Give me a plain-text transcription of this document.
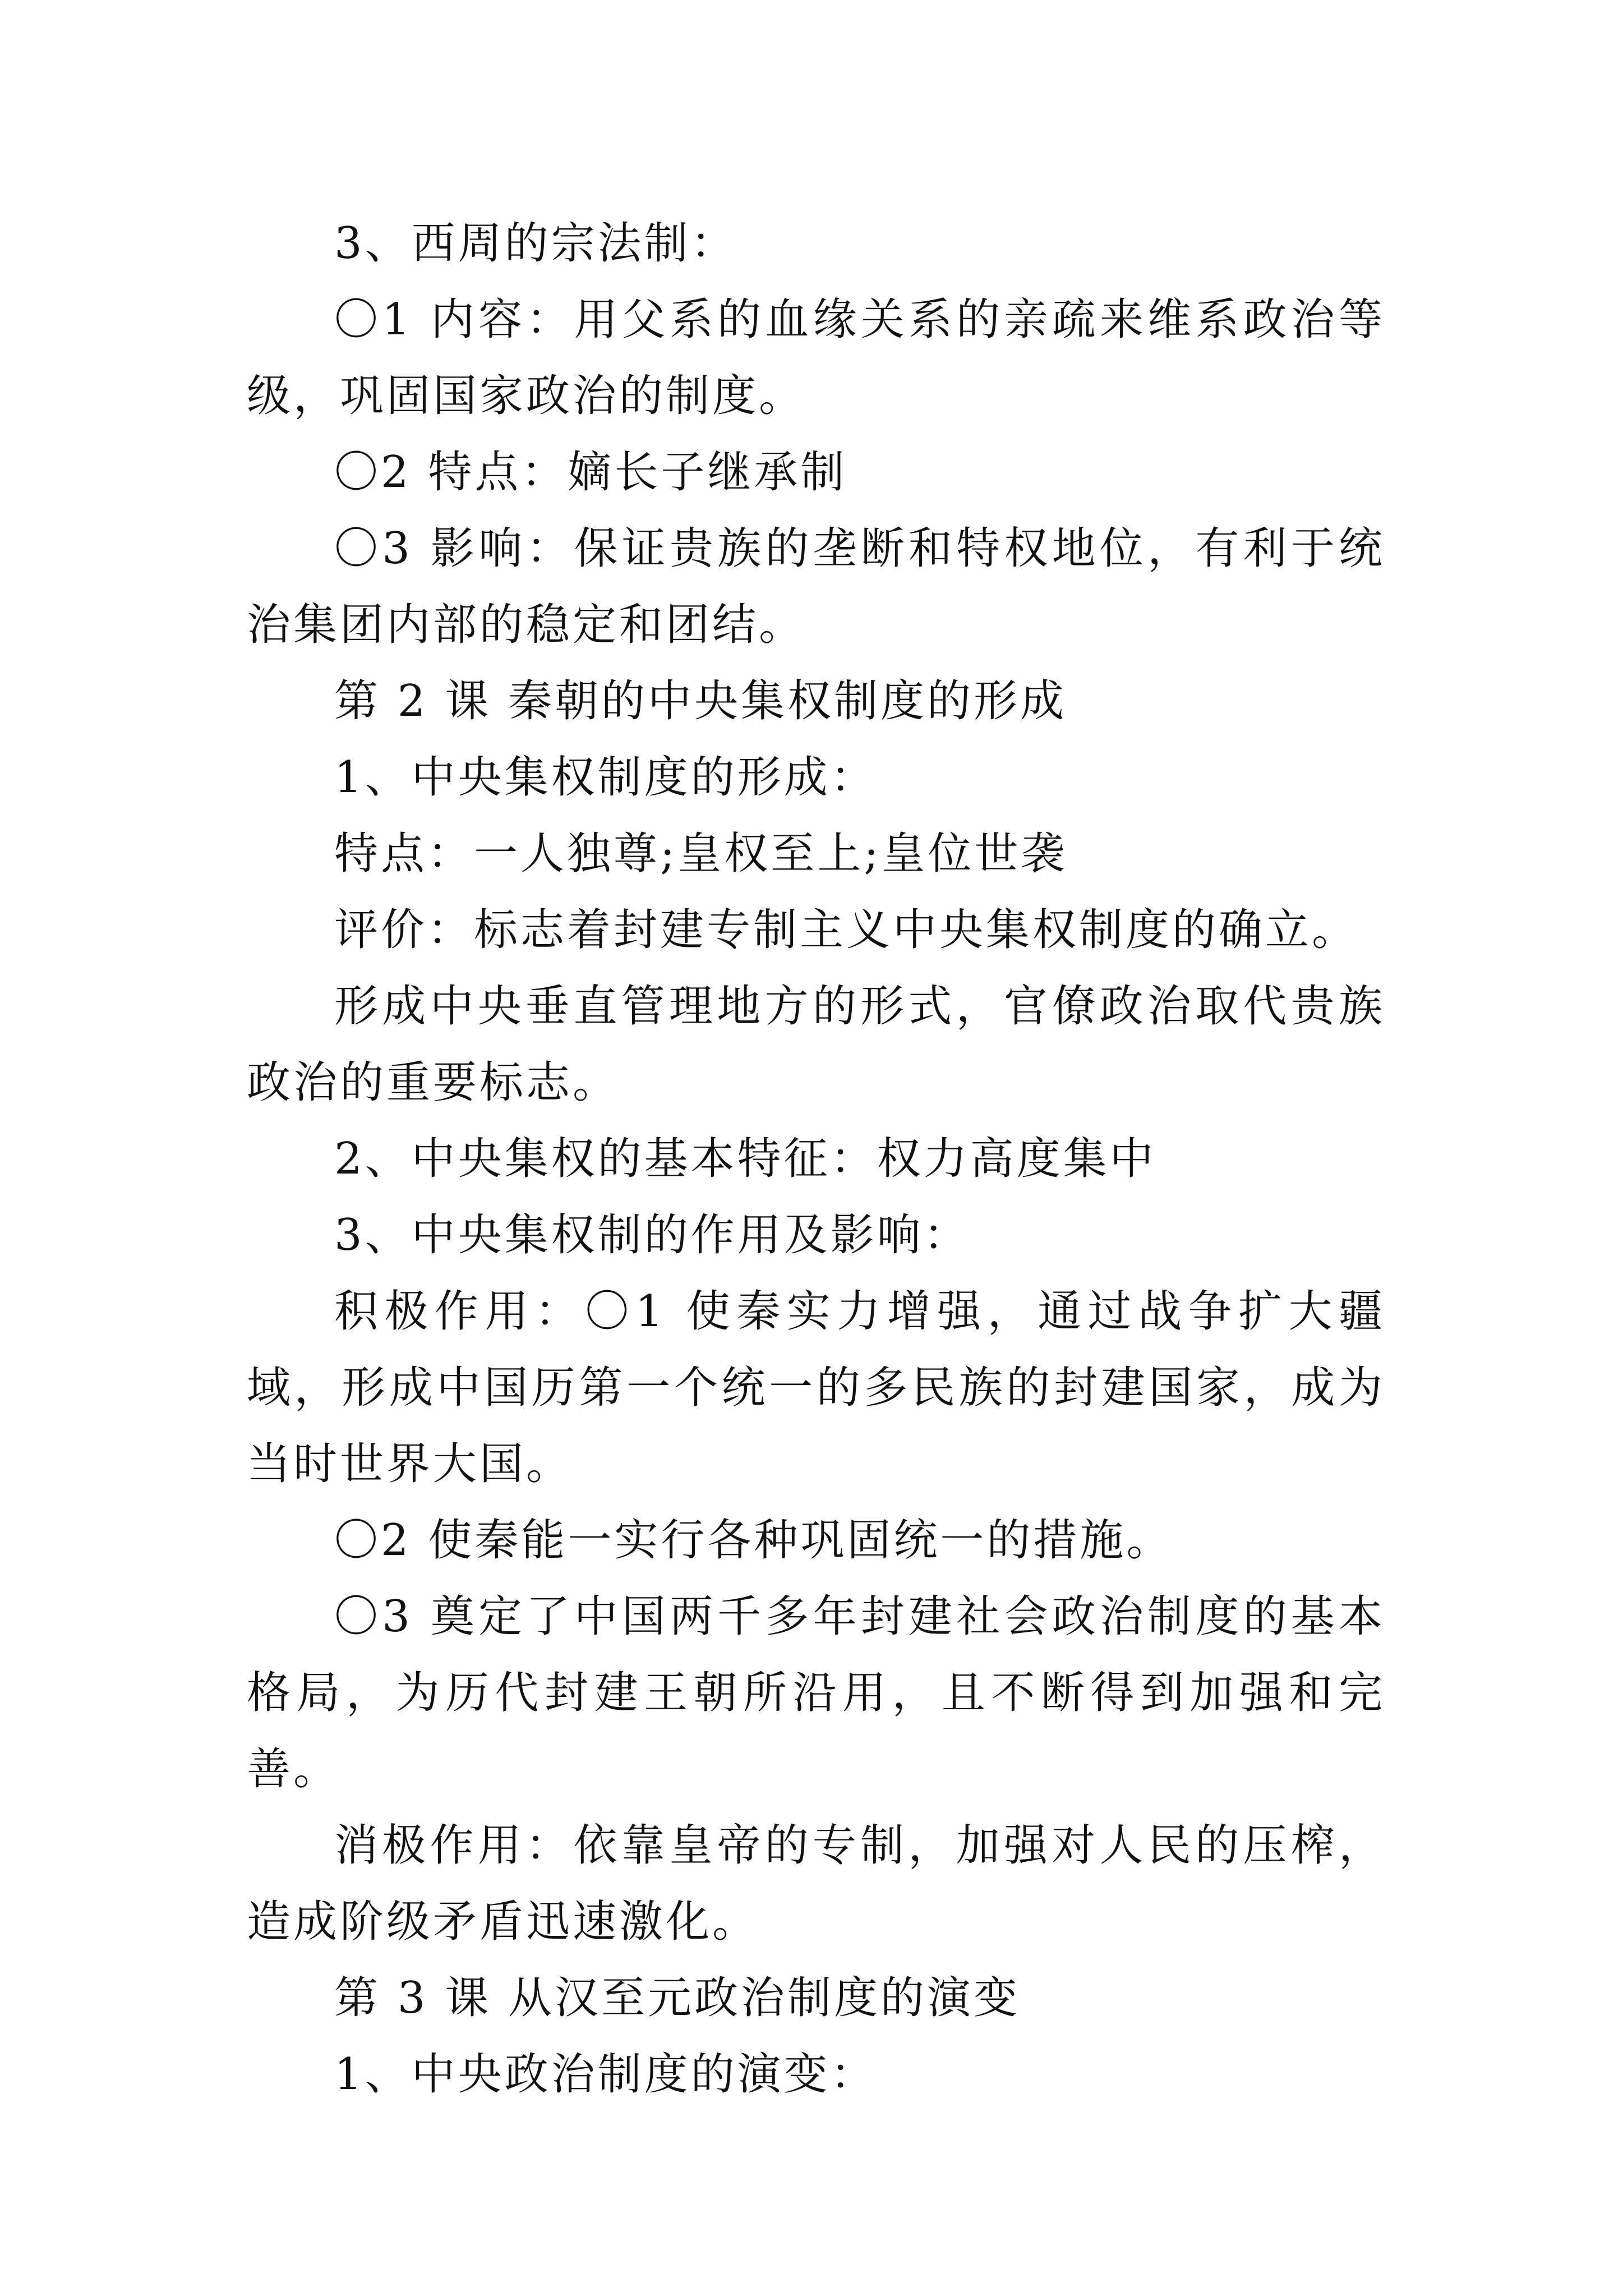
3、西周的宗法制：

〇1 内容：用父系的血缘关系的亲疏来维系政治等级，巩固国家政治的制度。

〇2 特点：嫡长子继承制

〇3 影响：保证贵族的垄断和特权地位，有利于统治集团内部的稳定和团结。

第 2 课 秦朝的中央集权制度的形成

1、中央集权制度的形成：

特点：一人独尊;皇权至上;皇位世袭

评价：标志着封建专制主义中央集权制度的确立。

形成中央垂直管理地方的形式，官僚政治取代贵族政治的重要标志。

2、中央集权的基本特征：权力高度集中

3、中央集权制的作用及影响：

积极作用：〇1 使秦实力增强，通过战争扩大疆域，形成中国历第一个统一的多民族的封建国家，成为当时世界大国。

〇2 使秦能一实行各种巩固统一的措施。

〇3 奠定了中国两千多年封建社会政治制度的基本格局，为历代封建王朝所沿用，且不断得到加强和完善。

消极作用：依靠皇帝的专制，加强对人民的压榨，造成阶级矛盾迅速激化。

第 3 课 从汉至元政治制度的演变

1、中央政治制度的演变：
